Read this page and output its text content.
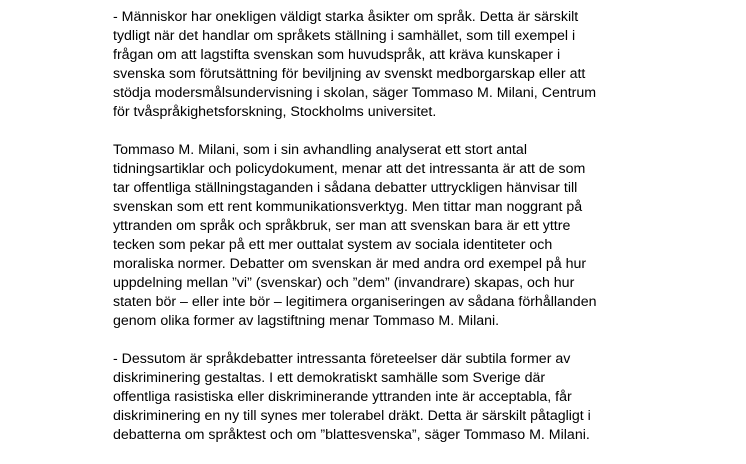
- Människor har onekligen väldigt starka åsikter om språk. Detta är särskilt
tydligt när det handlar om språkets ställning i samhället, som till exempel i
frågan om att lagstifta svenskan som huvudspråk, att kräva kunskaper i
svenska som förutsättning för beviljning av svenskt medborgarskap eller att
stödja modersmålsundervisning i skolan, säger Tommaso M. Milani, Centrum
för tvåspråkighetsforskning, Stockholms universitet.

Tommaso M. Milani, som i sin avhandling analyserat ett stort antal
tidningsartiklar och policydokument, menar att det intressanta är att de som
tar offentliga ställningstaganden i sådana debatter uttryckligen hänvisar till
svenskan som ett rent kommunikationsverktyg. Men tittar man noggrant på
yttranden om språk och språkbruk, ser man att svenskan bara är ett yttre
tecken som pekar på ett mer outtalat system av sociala identiteter och
moraliska normer. Debatter om svenskan är med andra ord exempel på hur
uppdelning mellan ”vi” (svenskar) och ”dem” (invandrare) skapas, och hur
staten bör – eller inte bör – legitimera organiseringen av sådana förhållanden
genom olika former av lagstiftning menar Tommaso M. Milani.

- Dessutom är språkdebatter intressanta företeelser där subtila former av
diskriminering gestaltas. I ett demokratiskt samhälle som Sverige där
offentliga rasistiska eller diskriminerande yttranden inte är acceptabla, får
diskriminering en ny till synes mer tolerabel dräkt. Detta är särskilt påtagligt i
debatterna om språktest och om ”blattesvenska”, säger Tommaso M. Milani.
